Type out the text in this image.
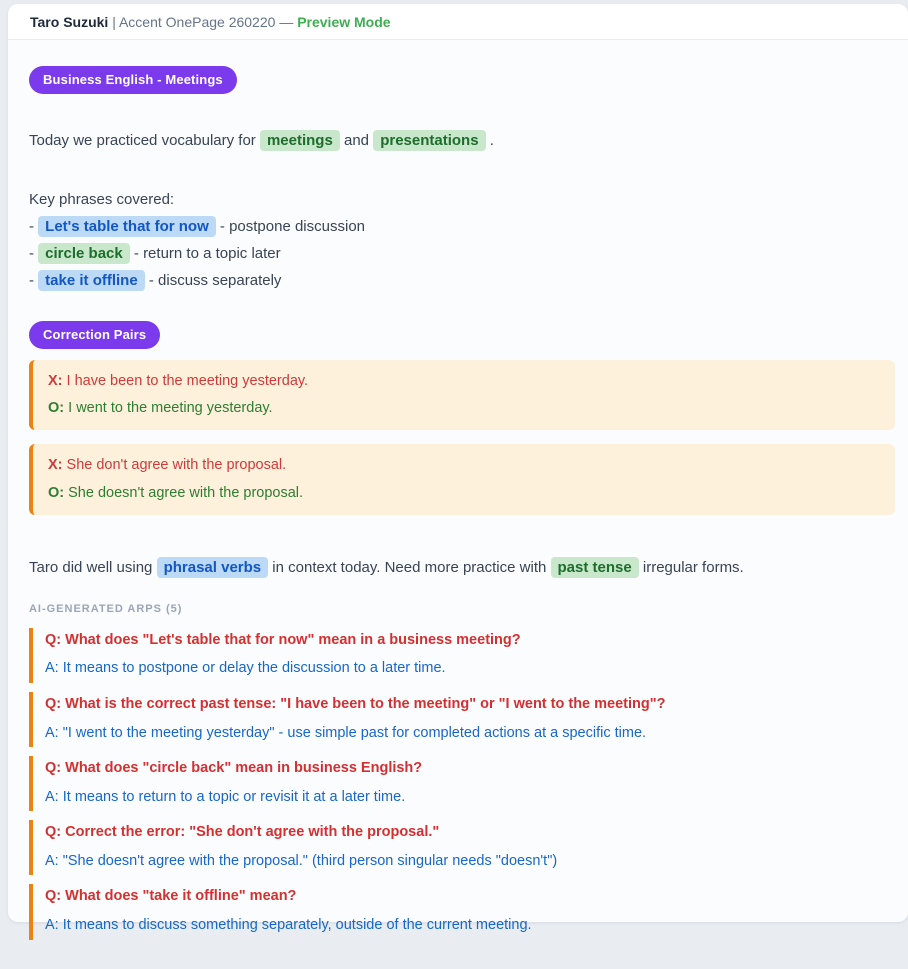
Taro Suzuki | Accent OnePage 260220 — Preview Mode
Business English - Meetings
Today we practiced vocabulary for meetings and presentations .
Key phrases covered:
- Let's table that for now - postpone discussion
- circle back - return to a topic later
- take it offline - discuss separately
Correction Pairs
X: I have been to the meeting yesterday.
O: I went to the meeting yesterday.
X: She don't agree with the proposal.
O: She doesn't agree with the proposal.
Taro did well using phrasal verbs in context today. Need more practice with past tense irregular forms.
AI-GENERATED ARPS (5)
Q: What does "Let's table that for now" mean in a business meeting?
A: It means to postpone or delay the discussion to a later time.
Q: What is the correct past tense: "I have been to the meeting" or "I went to the meeting"?
A: "I went to the meeting yesterday" - use simple past for completed actions at a specific time.
Q: What does "circle back" mean in business English?
A: It means to return to a topic or revisit it at a later time.
Q: Correct the error: "She don't agree with the proposal."
A: "She doesn't agree with the proposal." (third person singular needs "doesn't")
Q: What does "take it offline" mean?
A: It means to discuss something separately, outside of the current meeting.
